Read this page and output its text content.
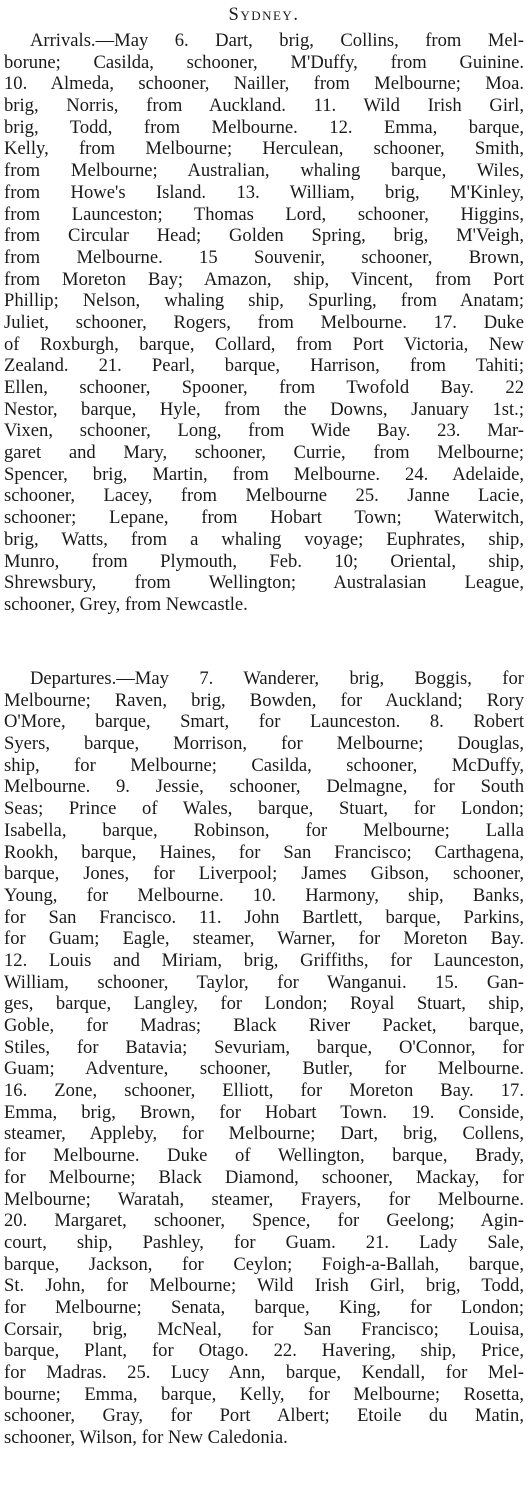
Sydney.
Arrivals.—May 6. Dart, brig, Collins, from Mel-
borune; Casilda, schooner, M'Duffy, from Guinine.
10. Almeda, schooner, Nailler, from Melbourne; Moa.
brig, Norris, from Auckland. 11. Wild Irish Girl,
brig, Todd, from Melbourne. 12. Emma, barque,
Kelly, from Melbourne; Herculean, schooner, Smith,
from Melbourne; Australian, whaling barque, Wiles,
from Howe's Island. 13. William, brig, M'Kinley,
from Launceston; Thomas Lord, schooner, Higgins,
from Circular Head; Golden Spring, brig, M'Veigh,
from Melbourne. 15 Souvenir, schooner, Brown,
from Moreton Bay; Amazon, ship, Vincent, from Port
Phillip; Nelson, whaling ship, Spurling, from Anatam;
Juliet, schooner, Rogers, from Melbourne. 17. Duke
of Roxburgh, barque, Collard, from Port Victoria, New
Zealand. 21. Pearl, barque, Harrison, from Tahiti;
Ellen, schooner, Spooner, from Twofold Bay. 22
Nestor, barque, Hyle, from the Downs, January 1st.;
Vixen, schooner, Long, from Wide Bay. 23. Mar-
garet and Mary, schooner, Currie, from Melbourne;
Spencer, brig, Martin, from Melbourne. 24. Adelaide,
schooner, Lacey, from Melbourne 25. Janne Lacie,
schooner; Lepane, from Hobart Town; Waterwitch,
brig, Watts, from a whaling voyage; Euphrates, ship,
Munro, from Plymouth, Feb. 10; Oriental, ship,
Shrewsbury, from Wellington; Australasian League,
schooner, Grey, from Newcastle.
Departures.—May 7. Wanderer, brig, Boggis, for
Melbourne; Raven, brig, Bowden, for Auckland; Rory
O'More, barque, Smart, for Launceston. 8. Robert
Syers, barque, Morrison, for Melbourne; Douglas,
ship, for Melbourne; Casilda, schooner, McDuffy,
Melbourne. 9. Jessie, schooner, Delmagne, for South
Seas; Prince of Wales, barque, Stuart, for London;
Isabella, barque, Robinson, for Melbourne; Lalla
Rookh, barque, Haines, for San Francisco; Carthagena,
barque, Jones, for Liverpool; James Gibson, schooner,
Young, for Melbourne. 10. Harmony, ship, Banks,
for San Francisco. 11. John Bartlett, barque, Parkins,
for Guam; Eagle, steamer, Warner, for Moreton Bay.
12. Louis and Miriam, brig, Griffiths, for Launceston,
William, schooner, Taylor, for Wanganui. 15. Gan-
ges, barque, Langley, for London; Royal Stuart, ship,
Goble, for Madras; Black River Packet, barque,
Stiles, for Batavia; Sevuriam, barque, O'Connor, for
Guam; Adventure, schooner, Butler, for Melbourne.
16. Zone, schooner, Elliott, for Moreton Bay. 17.
Emma, brig, Brown, for Hobart Town. 19. Conside,
steamer, Appleby, for Melbourne; Dart, brig, Collens,
for Melbourne. Duke of Wellington, barque, Brady,
for Melbourne; Black Diamond, schooner, Mackay, for
Melbourne; Waratah, steamer, Frayers, for Melbourne.
20. Margaret, schooner, Spence, for Geelong; Agin-
court, ship, Pashley, for Guam. 21. Lady Sale,
barque, Jackson, for Ceylon; Foigh-a-Ballah, barque,
St. John, for Melbourne; Wild Irish Girl, brig, Todd,
for Melbourne; Senata, barque, King, for London;
Corsair, brig, McNeal, for San Francisco; Louisa,
barque, Plant, for Otago. 22. Havering, ship, Price,
for Madras. 25. Lucy Ann, barque, Kendall, for Mel-
bourne; Emma, barque, Kelly, for Melbourne; Rosetta,
schooner, Gray, for Port Albert; Etoile du Matin,
schooner, Wilson, for New Caledonia.
